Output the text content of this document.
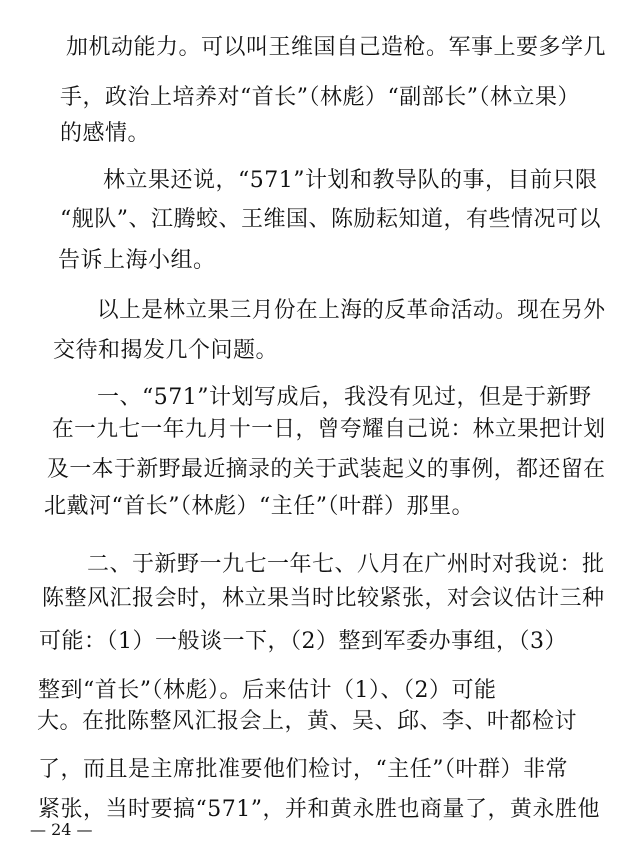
加机动能力。可以叫王维国自己造枪。军事上要多学几
手，政治上培养对“首长”（林彪）“副部长”（林立果）
的感情。
林立果还说，“571”计划和教导队的事，目前只限
“舰队”、江腾蛟、王维国、陈励耘知道，有些情况可以
告诉上海小组。
以上是林立果三月份在上海的反革命活动。现在另外
交待和揭发几个问题。
一、“571”计划写成后，我没有见过，但是于新野
在一九七一年九月十一日，曾夸耀自己说：林立果把计划
及一本于新野最近摘录的关于武装起义的事例，都还留在
北戴河“首长”（林彪）“主任”（叶群）那里。
二、于新野一九七一年七、八月在广州时对我说：批
陈整风汇报会时，林立果当时比较紧张，对会议估计三种
可能：（1）一般谈一下，（2）整到军委办事组，（3）
整到“首长”（林彪）。后来估计（1）、（2）可能
大。在批陈整风汇报会上，黄、吴、邱、李、叶都检讨
了，而且是主席批准要他们检讨，“主任”（叶群）非常
紧张，当时要搞“571”，并和黄永胜也商量了，黄永胜他
— 24 —
